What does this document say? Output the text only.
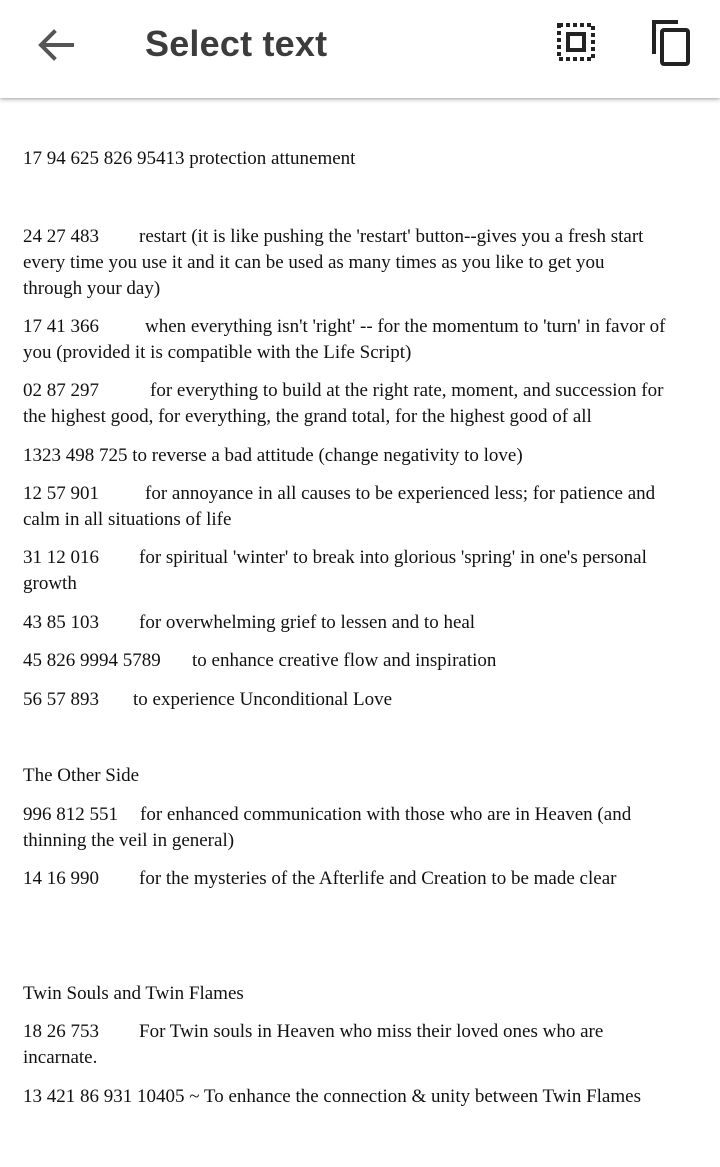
Select text
17 94 625 826 95413 protection attunement
24 27 483 restart (it is like pushing the 'restart' button--gives you a fresh start
every time you use it and it can be used as many times as you like to get you
through your day)
17 41 366 when everything isn't 'right' -- for the momentum to 'turn' in favor of
you (provided it is compatible with the Life Script)
02 87 297	for everything to build at the right rate, moment, and succession for
the highest good, for everything, the grand total, for the highest good of all
1323 498 725 to reverse a bad attitude (change negativity to love)
12 57 901 for annoyance in all causes to be experienced less; for patience and
calm in all situations of life
31 12 016 for spiritual 'winter' to break into glorious 'spring' in one's personal
growth
43 85 103 for overwhelming grief to lessen and to heal
45 826 9994 5789 to enhance creative flow and inspiration
56 57 893 to experience Unconditional Love
The Other Side
996 812 551 for enhanced communication with those who are in Heaven (and
thinning the veil in general)
14 16 990 for the mysteries of the Afterlife and Creation to be made clear
Twin Souls and Twin Flames
18 26 753 For Twin souls in Heaven who miss their loved ones who are
incarnate.
13 421 86 931 10405 ~ To enhance the connection & unity between Twin Flames
